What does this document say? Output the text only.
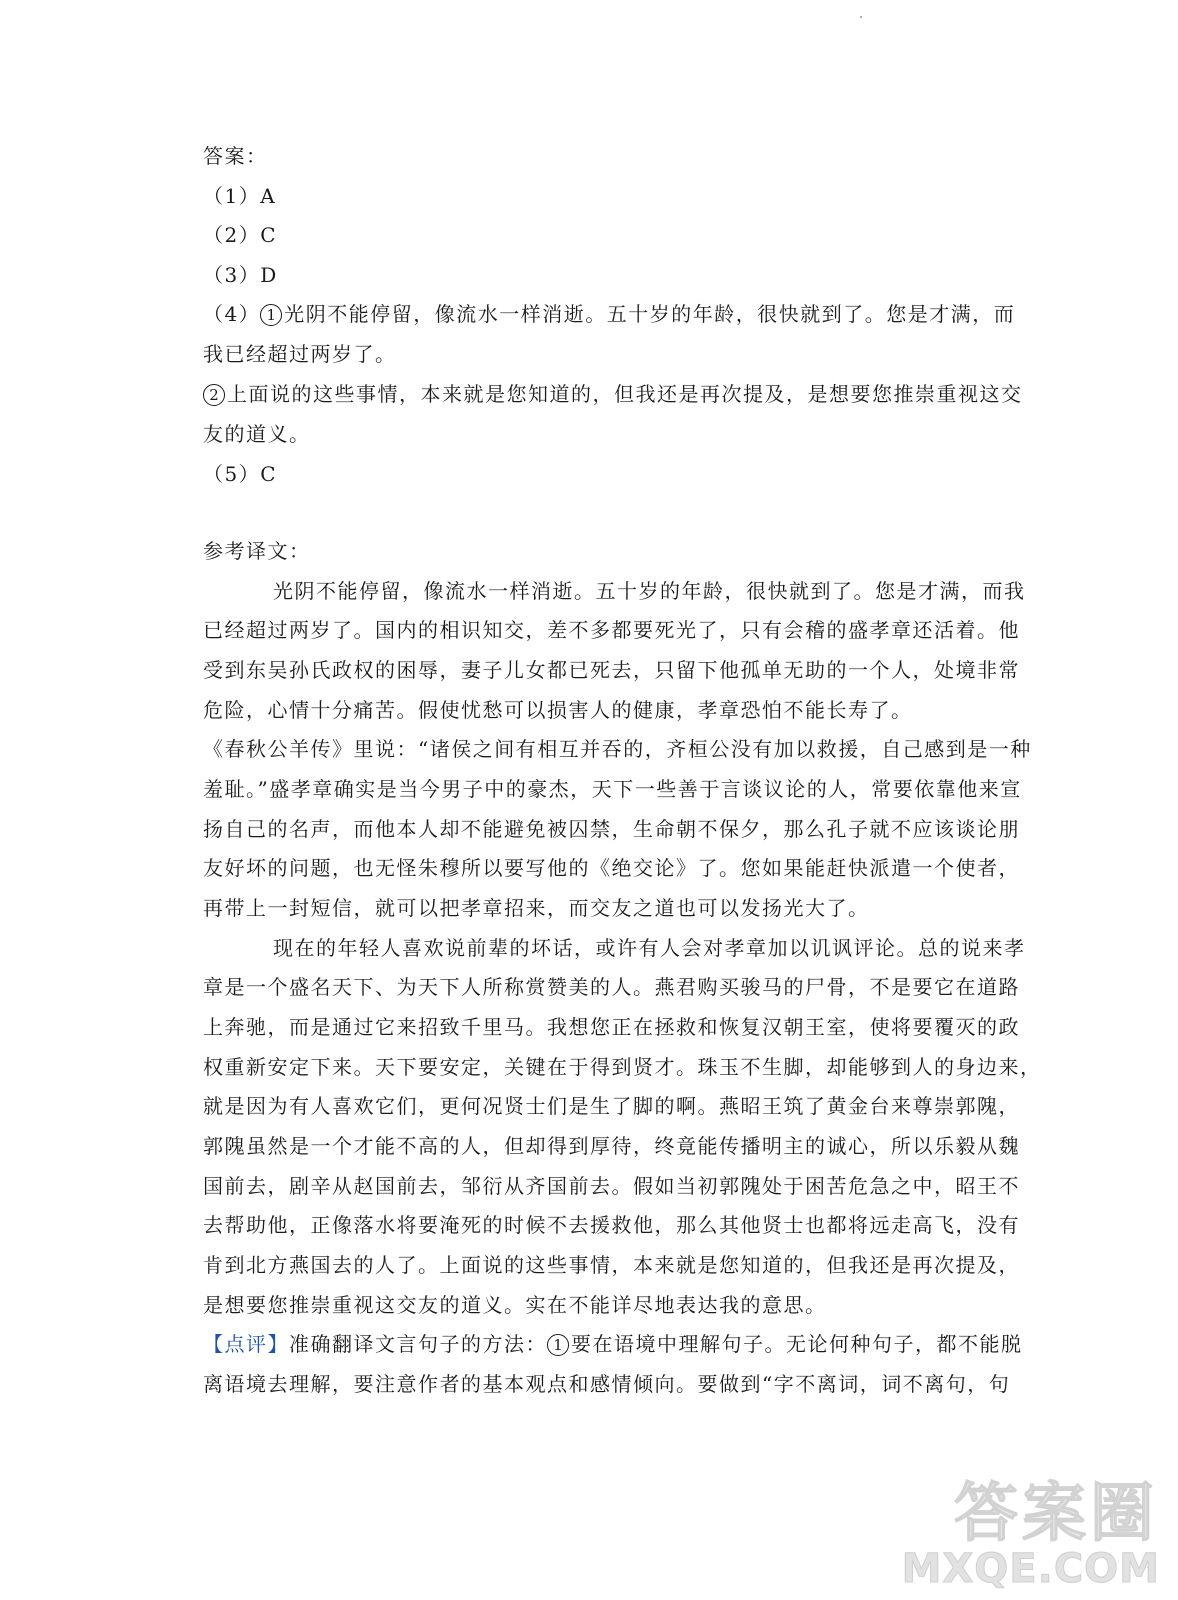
答案：
（1）A
（2）C
（3）D
（4） 1 光阴不能停留，像流水一样消逝。五十岁的年龄，很快就到了。您是才满，而
我已经超过两岁了。
2 上面说的这些事情，本来就是您知道的，但我还是再次提及，是想要您推崇重视这交
友的道义。
（5）C
参考译文：
光阴不能停留，像流水一样消逝。五十岁的年龄，很快就到了。您是才满，而我
已经超过两岁了。国内的相识知交，差不多都要死光了，只有会稽的盛孝章还活着。他
受到东吴孙氏政权的困辱，妻子儿女都已死去，只留下他孤单无助的一个人，处境非常
危险，心情十分痛苦。假使忧愁可以损害人的健康，孝章恐怕不能长寿了。
《春秋公羊传》里说：“诸侯之间有相互并吞的，齐桓公没有加以救援，自己感到是一种
羞耻。”盛孝章确实是当今男子中的豪杰，天下一些善于言谈议论的人，常要依靠他来宣
扬自己的名声，而他本人却不能避免被囚禁，生命朝不保夕，那么孔子就不应该谈论朋
友好坏的问题，也无怪朱穆所以要写他的《绝交论》了。您如果能赶快派遣一个使者，
再带上一封短信，就可以把孝章招来，而交友之道也可以发扬光大了。
现在的年轻人喜欢说前辈的坏话，或许有人会对孝章加以讥讽评论。总的说来孝
章是一个盛名天下、为天下人所称赏赞美的人。燕君购买骏马的尸骨，不是要它在道路
上奔驰，而是通过它来招致千里马。我想您正在拯救和恢复汉朝王室，使将要覆灭的政
权重新安定下来。天下要安定，关键在于得到贤才。珠玉不生脚，却能够到人的身边来，
就是因为有人喜欢它们，更何况贤士们是生了脚的啊。燕昭王筑了黄金台来尊崇郭隗，
郭隗虽然是一个才能不高的人，但却得到厚待，终竟能传播明主的诚心，所以乐毅从魏
国前去，剧辛从赵国前去，邹衍从齐国前去。假如当初郭隗处于困苦危急之中，昭王不
去帮助他，正像落水将要淹死的时候不去援救他，那么其他贤士也都将远走高飞，没有
肯到北方燕国去的人了。上面说的这些事情，本来就是您知道的，但我还是再次提及，
是想要您推崇重视这交友的道义。实在不能详尽地表达我的意思。
【点评】准确翻译文言句子的方法： 1 要在语境中理解句子。无论何种句子，都不能脱
离语境去理解，要注意作者的基本观点和感情倾向。要做到“字不离词，词不离句，句
答案圈
MXQE.COM
